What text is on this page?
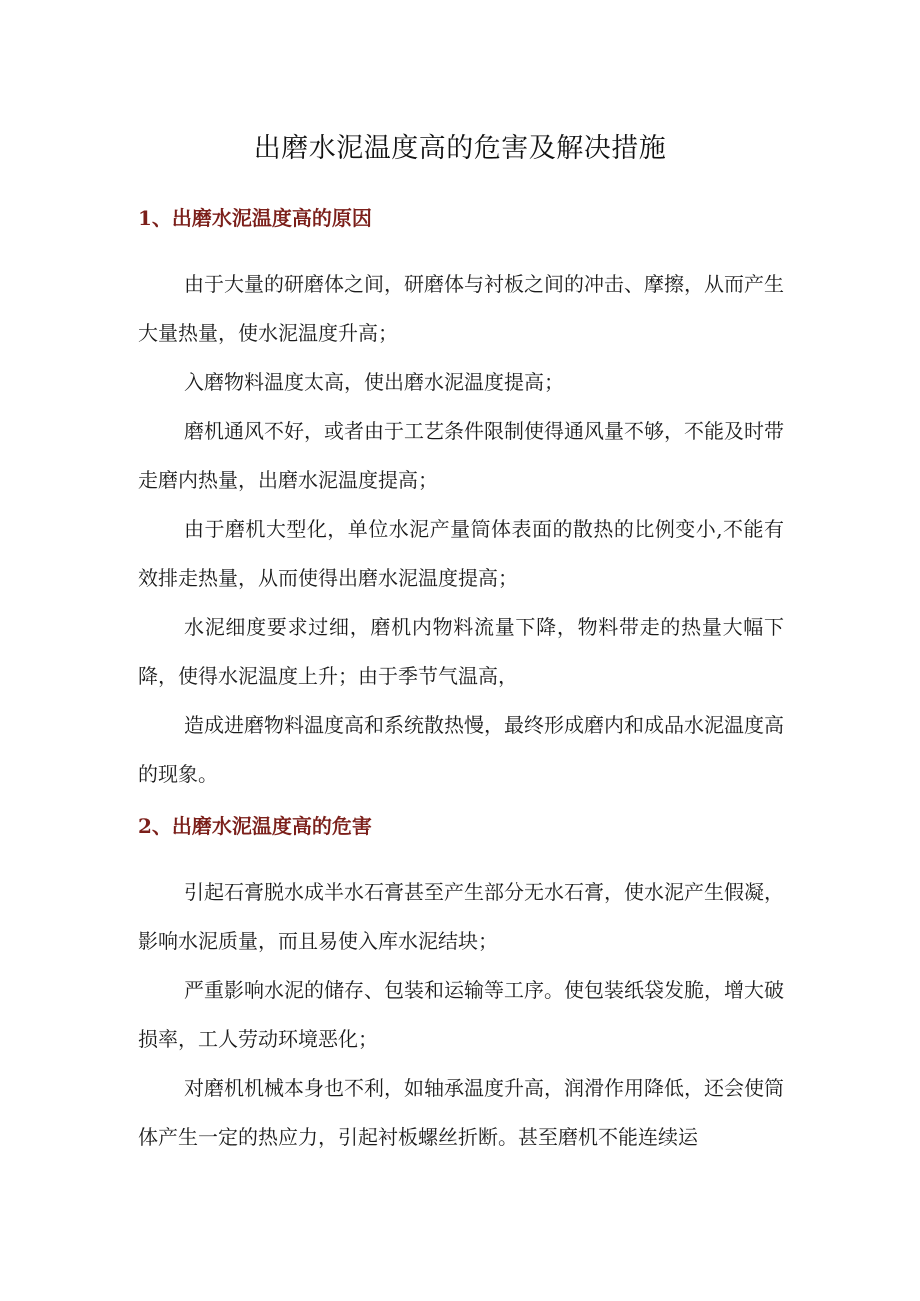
出磨水泥温度高的危害及解决措施
1、出磨水泥温度高的原因

由于大量的研磨体之间，研磨体与衬板之间的冲击、摩擦，从而产生大量热量，使水泥温度升高；

入磨物料温度太高，使出磨水泥温度提高；

磨机通风不好，或者由于工艺条件限制使得通风量不够，不能及时带走磨内热量，出磨水泥温度提高；

由于磨机大型化，单位水泥产量筒体表面的散热的比例变小,不能有效排走热量，从而使得出磨水泥温度提高；

水泥细度要求过细，磨机内物料流量下降，物料带走的热量大幅下降，使得水泥温度上升；由于季节气温高，

造成进磨物料温度高和系统散热慢，最终形成磨内和成品水泥温度高的现象。

2、出磨水泥温度高的危害

引起石膏脱水成半水石膏甚至产生部分无水石膏，使水泥产生假凝，影响水泥质量，而且易使入库水泥结块；

严重影响水泥的储存、包装和运输等工序。使包装纸袋发脆，增大破损率，工人劳动环境恶化；

对磨机机械本身也不利，如轴承温度升高，润滑作用降低，还会使筒体产生一定的热应力，引起衬板螺丝折断。甚至磨机不能连续运
